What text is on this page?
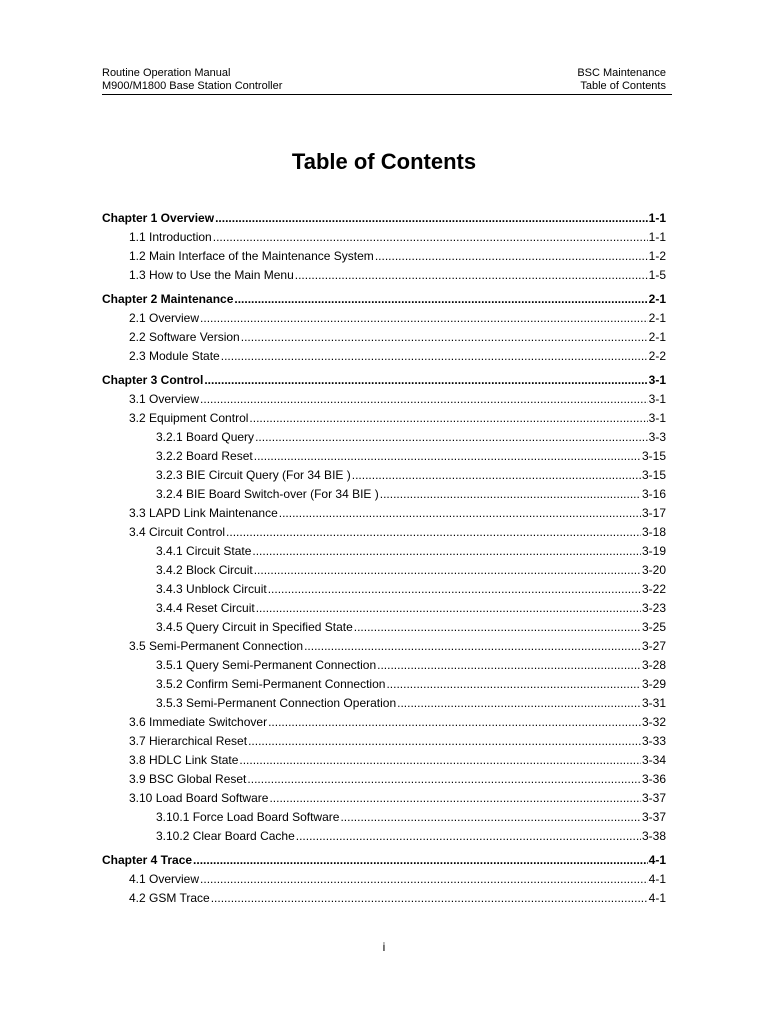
Routine Operation Manual
M900/M1800 Base Station Controller
BSC Maintenance
Table of Contents
Table of Contents
Chapter 1 Overview .....	1-1
1.1 Introduction .....	1-1
1.2 Main Interface of the Maintenance System .....	1-2
1.3 How to Use the Main Menu .....	1-5
Chapter 2 Maintenance .....	2-1
2.1 Overview .....	2-1
2.2 Software Version .....	2-1
2.3 Module State .....	2-2
Chapter 3 Control .....	3-1
3.1 Overview .....	3-1
3.2 Equipment Control .....	3-1
3.2.1 Board Query .....	3-3
3.2.2 Board Reset .....	3-15
3.2.3 BIE Circuit Query (For 34 BIE ) .....	3-15
3.2.4 BIE Board Switch-over (For 34 BIE ) .....	3-16
3.3 LAPD Link Maintenance .....	3-17
3.4 Circuit Control .....	3-18
3.4.1 Circuit State .....	3-19
3.4.2 Block Circuit .....	3-20
3.4.3 Unblock Circuit .....	3-22
3.4.4 Reset Circuit .....	3-23
3.4.5 Query Circuit in Specified State .....	3-25
3.5 Semi-Permanent Connection .....	3-27
3.5.1 Query Semi-Permanent Connection .....	3-28
3.5.2 Confirm Semi-Permanent Connection .....	3-29
3.5.3 Semi-Permanent Connection Operation .....	3-31
3.6 Immediate Switchover .....	3-32
3.7 Hierarchical Reset .....	3-33
3.8 HDLC Link State .....	3-34
3.9 BSC Global Reset .....	3-36
3.10 Load Board Software .....	3-37
3.10.1 Force Load Board Software .....	3-37
3.10.2 Clear Board Cache .....	3-38
Chapter 4 Trace .....	4-1
4.1 Overview .....	4-1
4.2 GSM Trace .....	4-1
i
